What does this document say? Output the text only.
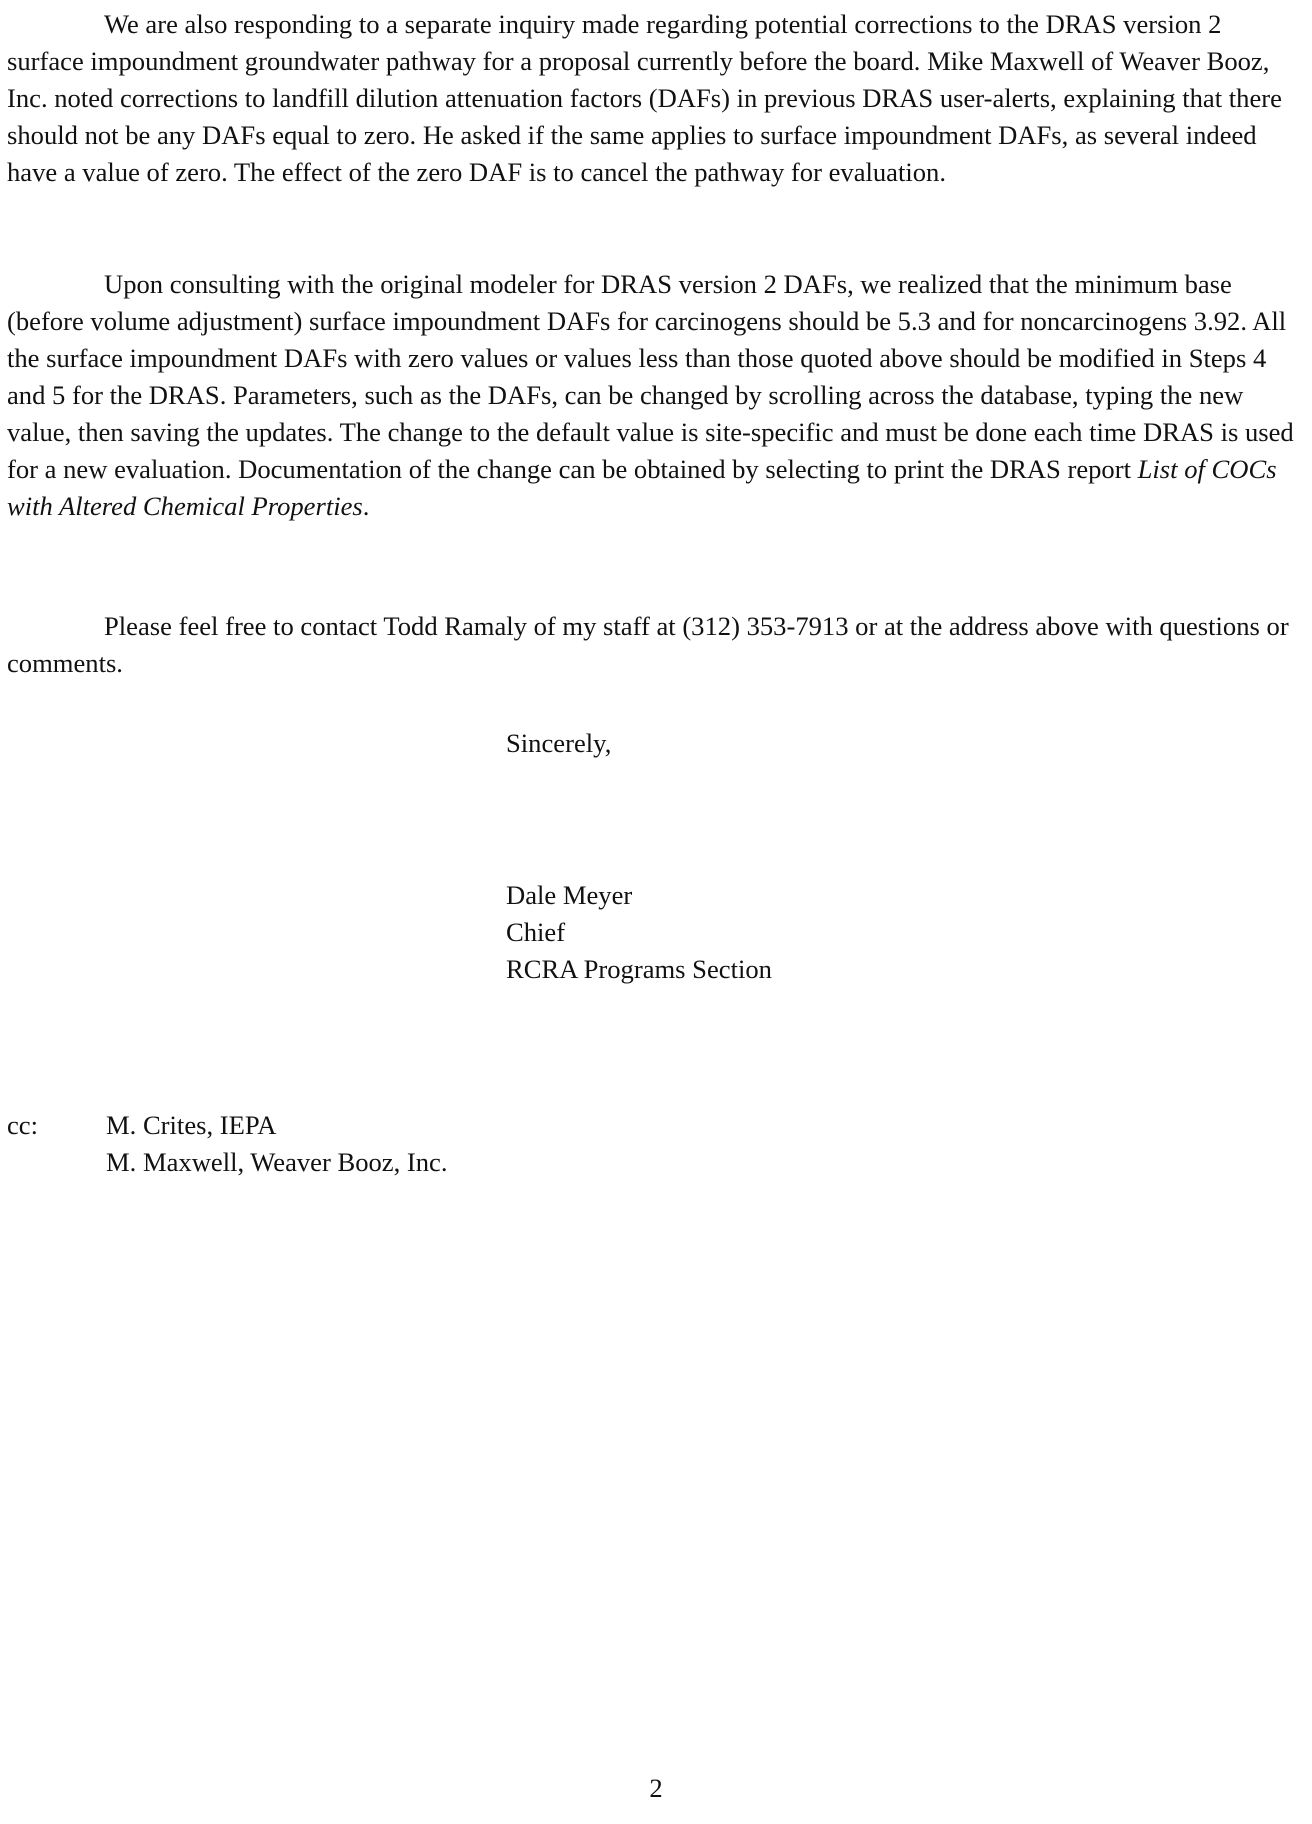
We are also responding to a separate inquiry made regarding potential corrections to the DRAS version 2 surface impoundment groundwater pathway for a proposal currently before the board. Mike Maxwell of Weaver Booz, Inc. noted corrections to landfill dilution attenuation factors (DAFs) in previous DRAS user-alerts, explaining that there should not be any DAFs equal to zero. He asked if the same applies to surface impoundment DAFs, as several indeed have a value of zero. The effect of the zero DAF is to cancel the pathway for evaluation.

Upon consulting with the original modeler for DRAS version 2 DAFs, we realized that the minimum base (before volume adjustment) surface impoundment DAFs for carcinogens should be 5.3 and for noncarcinogens 3.92. All the surface impoundment DAFs with zero values or values less than those quoted above should be modified in Steps 4 and 5 for the DRAS. Parameters, such as the DAFs, can be changed by scrolling across the database, typing the new value, then saving the updates. The change to the default value is site-specific and must be done each time DRAS is used for a new evaluation. Documentation of the change can be obtained by selecting to print the DRAS report List of COCs with Altered Chemical Properties.

Please feel free to contact Todd Ramaly of my staff at (312) 353-7913 or at the address above with questions or comments.

Sincerely,
Dale Meyer
Chief
RCRA Programs Section
cc:	M. Crites, IEPA
M. Maxwell, Weaver Booz, Inc.
2
